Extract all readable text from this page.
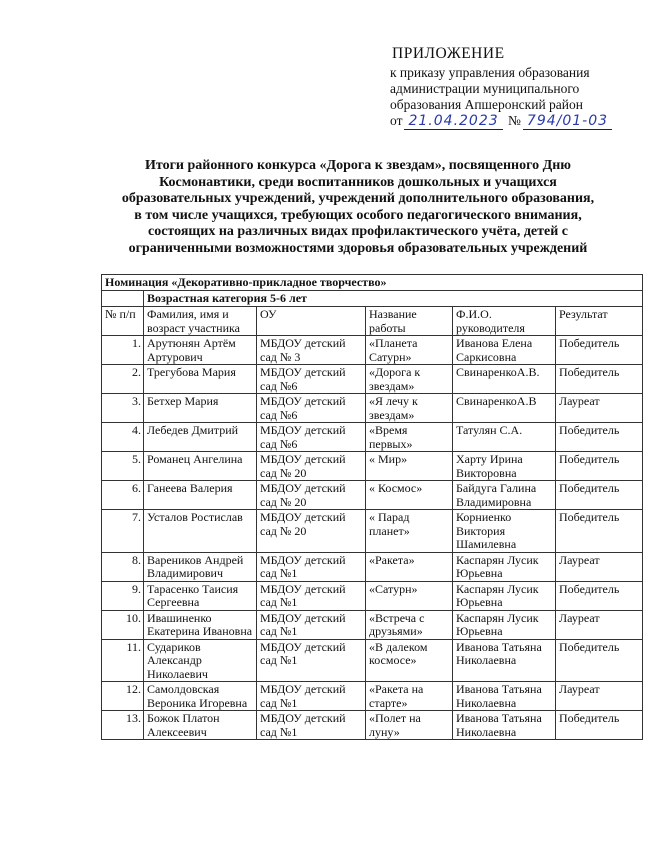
ПРИЛОЖЕНИЕ
к приказу управления образования
администрации муниципального
образования Апшеронский район
от 21.04.2023 № 794/01-03
Итоги районного конкурса «Дорога к звездам», посвященного Дню
Космонавтики, среди воспитанников дошкольных и учащихся
образовательных учреждений, учреждений дополнительного образования,
в том числе учащихся, требующих особого педагогического внимания,
состоящих на различных видах профилактического учёта, детей с
ограниченными возможностями здоровья образовательных учреждений
Номинация «Декоративно-прикладное творчество»					
	Возрастная категория 5-6 лет				
№ п/п	Фамилия, имя и возраст участника	ОУ	Название работы	Ф.И.О. руководителя	Результат
1.	Арутюнян Артём Артурович	МБДОУ детский сад № 3	«Планета Сатурн»	Иванова Елена Саркисовна	Победитель
2.	Трегубова Мария	МБДОУ детский сад №6	«Дорога к звездам»	СвинаренкоА.В.	Победитель
3.	Бетхер Мария	МБДОУ детский сад №6	«Я лечу к звездам»	СвинаренкоА.В	Лауреат
4.	Лебедев Дмитрий	МБДОУ детский сад №6	«Время первых»	Татулян С.А.	Победитель
5.	Романец Ангелина	МБДОУ детский сад № 20	« Мир»	Харту Ирина Викторовна	Победитель
6.	Ганеева Валерия	МБДОУ детский сад № 20	« Космос»	Байдуга Галина Владимировна	Победитель
7.	Усталов Ростислав	МБДОУ детский сад № 20	« Парад планет»	Корниенко Виктория Шамилевна	Победитель
8.	Вареников Андрей Владимирович	МБДОУ детский сад №1	«Ракета»	Каспарян Лусик Юрьевна	Лауреат
9.	Тарасенко Таисия Сергеевна	МБДОУ детский сад №1	«Сатурн»	Каспарян Лусик Юрьевна	Победитель
10.	Ивашиненко Екатерина Ивановна	МБДОУ детский сад №1	«Встреча с друзьями»	Каспарян Лусик Юрьевна	Лауреат
11.	Судариков Александр Николаевич	МБДОУ детский сад №1	«В далеком космосе»	Иванова Татьяна Николаевна	Победитель
12.	Самолдовская Вероника Игоревна	МБДОУ детский сад №1	«Ракета на старте»	Иванова Татьяна Николаевна	Лауреат
13.	Божок Платон Алексеевич	МБДОУ детский сад №1	«Полет на луну»	Иванова Татьяна Николаевна	Победитель
